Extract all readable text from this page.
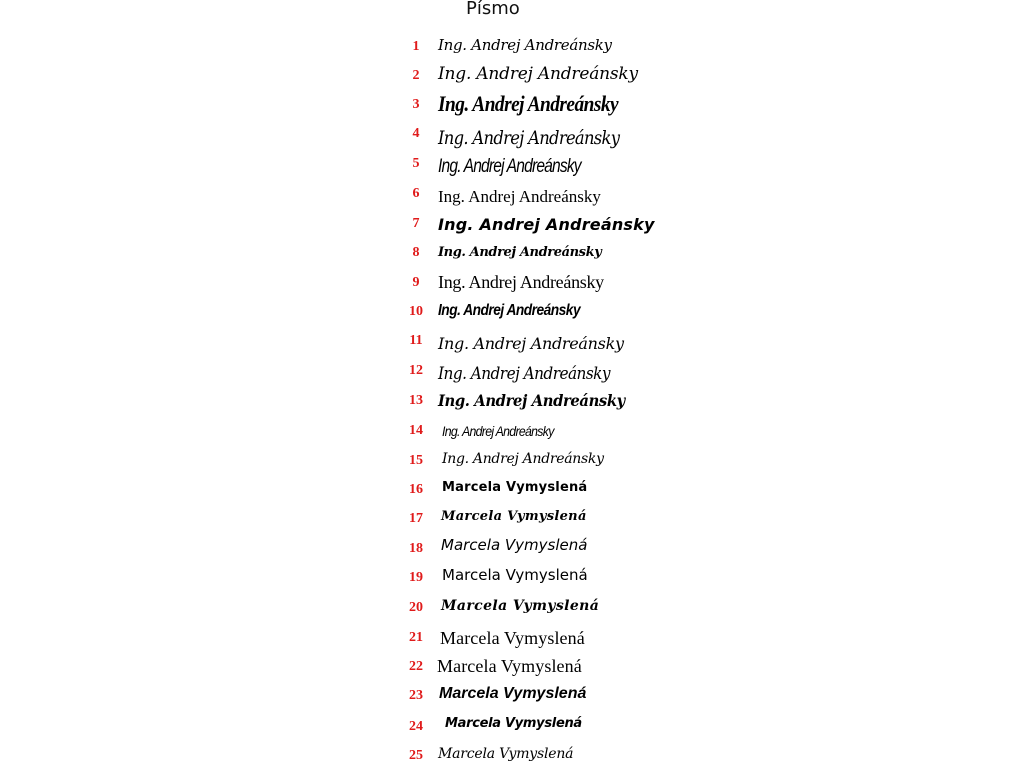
Písmo
1	Ing. Andrej Andreánsky
2	Ing. Andrej Andreánsky
3 Ing. Andrej Andreánsky
4 Ing. Andrej Andreánsky
5 Ing. Andrej Andreánsky
6	Ing. Andrej Andreánsky
7	Ing. Andrej Andreánsky
8	Ing. Andrej Andreánsky
9	Ing. Andrej Andreánsky
10 Ing. Andrej Andreánsky
11 Ing. Andrej Andreánsky
12 Ing. Andrej Andreánsky
13 Ing. Andrej Andreánsky
14	Ing. Andrej Andreánsky
15	Ing. Andrej Andreánsky
16	Marcela Vymyslená
17	Marcela Vymyslená
18	Marcela Vymyslená
19	Marcela Vymyslená
20	Marcela Vymyslená
21 Marcela Vymyslená
22 Marcela Vymyslená
23	Marcela Vymyslená
24	Marcela Vymyslená
25	Marcela Vymyslená
